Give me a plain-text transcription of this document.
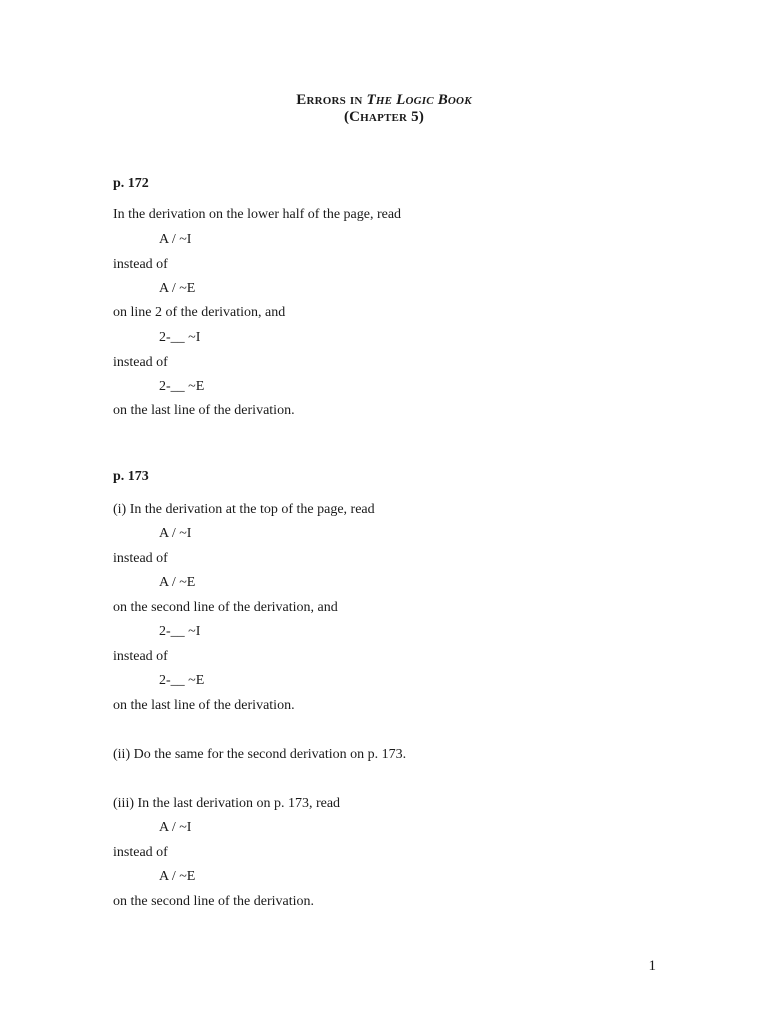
Errors in The Logic Book
(Chapter 5)
p. 172
In the derivation on the lower half of the page, read
A / ~I
instead of
A / ~E
on line 2 of the derivation, and
2-__ ~I
instead of
2-__ ~E
on the last line of the derivation.
p. 173
(i) In the derivation at the top of the page, read
A / ~I
instead of
A / ~E
on the second line of the derivation, and
2-__ ~I
instead of
2-__ ~E
on the last line of the derivation.
(ii) Do the same for the second derivation on p. 173.
(iii) In the last derivation on p. 173, read
A / ~I
instead of
A / ~E
on the second line of the derivation.
1
